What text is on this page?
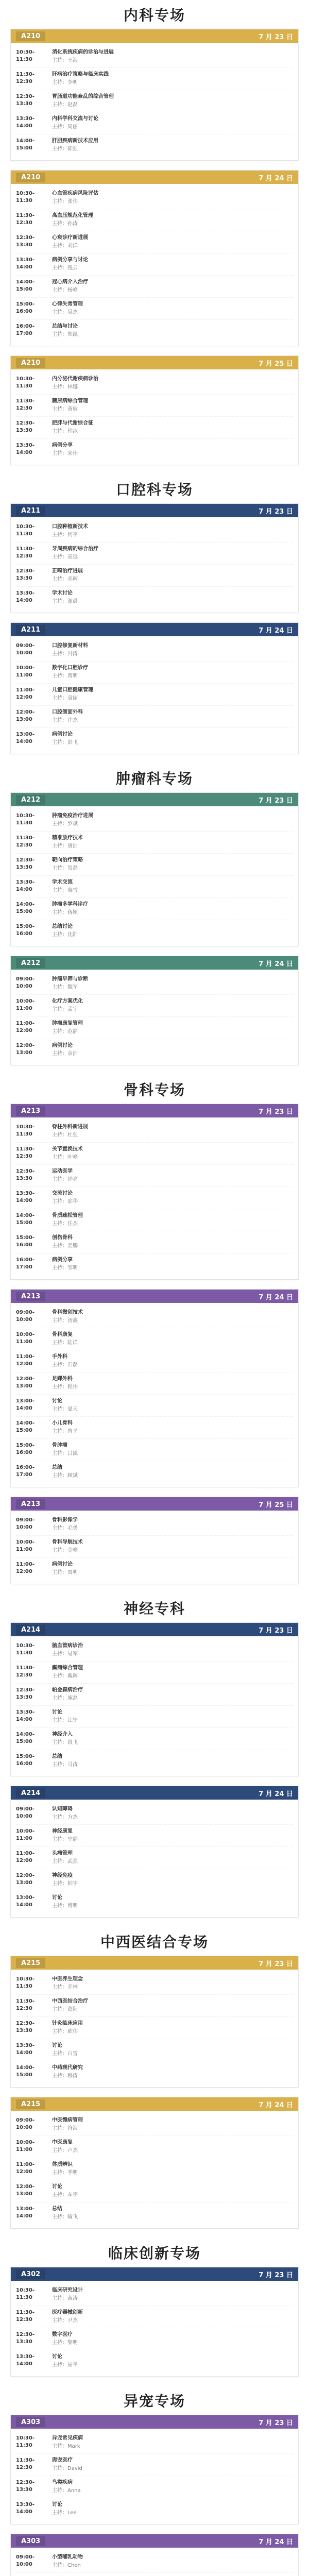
内科专场
A210	7 月 23 日
10:30-11:30
消化系统疾病的诊治与进展
主持：王海
11:30-12:30
肝病治疗策略与临床实践
主持：李明
12:30-13:30
胃肠道功能紊乱的综合管理
主持：赵磊
13:30-14:00
内科学科交流与讨论
主持：周丽
14:00-15:00
肝胆疾病新技术应用
主持：陈强
A210	7 月 24 日
10:30-11:30
心血管疾病风险评估
主持：张伟
11:30-12:30
高血压规范化管理
主持：孙涛
12:30-13:30
心衰诊疗新进展
主持：刘洋
13:30-14:00
病例分享与讨论
主持：钱云
14:00-15:00
冠心病介入治疗
主持：杨峰
15:00-16:00
心律失常管理
主持：吴杰
16:00-17:00
总结与讨论
主持：郑凯
A210	7 月 25 日
10:30-11:30
内分泌代谢疾病诊治
主持：林娜
11:30-12:30
糖尿病综合管理
主持：黄敏
12:30-13:30
肥胖与代谢综合征
主持：韩冰
13:30-14:00
病例分享
主持：宋佳
口腔科专场
A211	7 月 23 日
10:30-11:30
口腔种植新技术
主持：何平
11:30-12:30
牙周疾病的综合治疗
主持：高远
12:30-13:30
正畸治疗进展
主持：邓辉
13:30-14:00
学术讨论
主持：谢晨
A211	7 月 24 日
09:00-10:00
口腔修复新材料
主持：冯涛
10:00-11:00
数字化口腔诊疗
主持：曹明
11:00-12:00
儿童口腔健康管理
主持：袁丽
12:00-13:00
口腔颌面外科
主持：许杰
13:00-14:00
病例讨论
主持：彭飞
肿瘤科专场
A212	7 月 23 日
10:30-11:30
肿瘤免疫治疗进展
主持：罗斌
11:30-12:30
精准放疗技术
主持：唐浩
12:30-13:30
靶向治疗策略
主持：贺磊
13:30-14:00
学术交流
主持：秦雪
14:00-15:00
肿瘤多学科诊疗
主持：蒋颖
15:00-16:00
总结讨论
主持：沈阳
A212	7 月 24 日
09:00-10:00
肿瘤早筛与诊断
主持：魏军
10:00-11:00
化疗方案优化
主持：孟宇
11:00-12:00
肿瘤康复管理
主持：范静
12:00-13:00
病例讨论
主持：余浩
骨科专场
A213	7 月 23 日
10:30-11:30
脊柱外科新进展
主持：杜强
11:30-12:30
关节置换技术
主持：叶峰
12:30-13:30
运动医学
主持：钟亮
13:30-14:00
交流讨论
主持：邵华
14:00-15:00
骨质疏松管理
主持：任杰
15:00-16:00
创伤骨科
主持：姜鹏
16:00-17:00
病例分享
主持：邹明
A213	7 月 24 日
09:00-10:00
骨科微创技术
主持：汤鑫
10:00-11:00
骨科康复
主持：陆洋
11:00-12:00
手外科
主持：石磊
12:00-13:00
足踝外科
主持：程伟
13:00-14:00
讨论
主持：夏天
14:00-15:00
小儿骨科
主持：鲁平
15:00-16:00
骨肿瘤
主持：吕凯
16:00-17:00
总结
主持：顾斌
A213	7 月 25 日
09:00-10:00
骨科影像学
主持：毛勇
10:00-11:00
骨科导航技术
主持：金峰
11:00-12:00
病例讨论
主持：贾明
神经专科
A214	7 月 23 日
10:30-11:30
脑血管病诊治
主持：易军
11:30-12:30
癫痫综合管理
主持：戴辉
12:30-13:30
帕金森病治疗
主持：施磊
13:30-14:00
讨论
主持：江宁
14:00-15:00
神经介入
主持：段飞
15:00-16:00
总结
主持：马涛
A214	7 月 24 日
09:00-10:00
认知障碍
主持：方杰
10:00-11:00
神经康复
主持：宁静
11:00-12:00
头痛管理
主持：武强
12:00-13:00
神经免疫
主持：柏宇
13:00-14:00
讨论
主持：傅明
中西医结合专场
A215	7 月 23 日
10:30-11:30
中医养生理念
主持：乔林
11:30-12:30
中西医结合治疗
主持：葛阳
12:30-13:30
针灸临床应用
主持：欧伟
13:30-14:00
讨论
主持：白雪
14:00-15:00
中药现代研究
主持：穆涛
A215	7 月 24 日
09:00-10:00
中医慢病管理
主持：符海
10:00-11:00
中医康复
主持：卢杰
11:00-12:00
体质辨识
主持：季明
12:00-13:00
讨论
主持：车宇
13:00-14:00
总结
主持：喻飞
临床创新专场
A302	7 月 23 日
10:30-11:30
临床研究设计
主持：苗涛
11:30-12:30
医疗器械创新
主持：尹杰
12:30-13:30
数字医疗
主持：黎明
13:30-14:00
讨论
主持：屈平
异宠专场
A303	7 月 23 日
10:30-11:30
异宠常见疾病
主持：Mark
11:30-12:30
爬宠医疗
主持：David
12:30-13:30
鸟类疾病
主持：Anna
13:30-14:00
讨论
主持：Lee
A303	7 月 24 日
09:00-10:00
小型哺乳动物
主持：Chen
